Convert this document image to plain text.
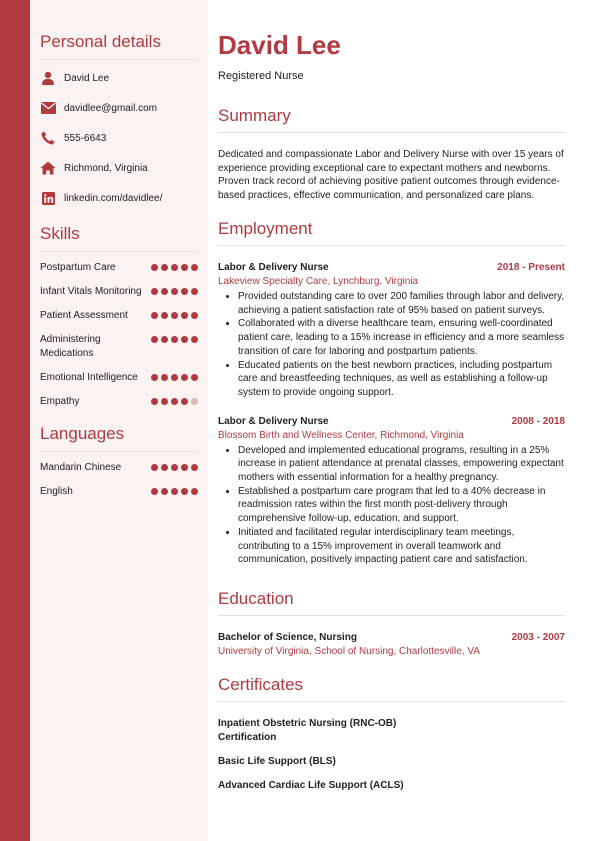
Personal details
David Lee
davidlee@gmail.com
555-6643
Richmond, Virginia
linkedin.com/davidlee/
Skills
Postpartum Care
Infant Vitals Monitoring
Patient Assessment
Administering Medications
Emotional Intelligence
Empathy
Languages
Mandarin Chinese
English
David Lee
Registered Nurse
Summary
Dedicated and compassionate Labor and Delivery Nurse with over 15 years of experience providing exceptional care to expectant mothers and newborns. Proven track record of achieving positive patient outcomes through evidence-based practices, effective communication, and personalized care plans.
Employment
Labor & Delivery Nurse	2018 - Present
Lakeview Specialty Care, Lynchburg, Virginia
• Provided outstanding care to over 200 families through labor and delivery, achieving a patient satisfaction rate of 95% based on patient surveys.
• Collaborated with a diverse healthcare team, ensuring well-coordinated patient care, leading to a 15% increase in efficiency and a more seamless transition of care for laboring and postpartum patients.
• Educated patients on the best newborn practices, including postpartum care and breastfeeding techniques, as well as establishing a follow-up system to provide ongoing support.
Labor & Delivery Nurse	2008 - 2018
Blossom Birth and Wellness Center, Richmond, Virginia
• Developed and implemented educational programs, resulting in a 25% increase in patient attendance at prenatal classes, empowering expectant mothers with essential information for a healthy pregnancy.
• Established a postpartum care program that led to a 40% decrease in readmission rates within the first month post-delivery through comprehensive follow-up, education, and support.
• Initiated and facilitated regular interdisciplinary team meetings, contributing to a 15% improvement in overall teamwork and communication, positively impacting patient care and satisfaction.
Education
Bachelor of Science, Nursing	2003 - 2007
University of Virginia, School of Nursing, Charlottesville, VA
Certificates
Inpatient Obstetric Nursing (RNC-OB) Certification
Basic Life Support (BLS)
Advanced Cardiac Life Support (ACLS)
